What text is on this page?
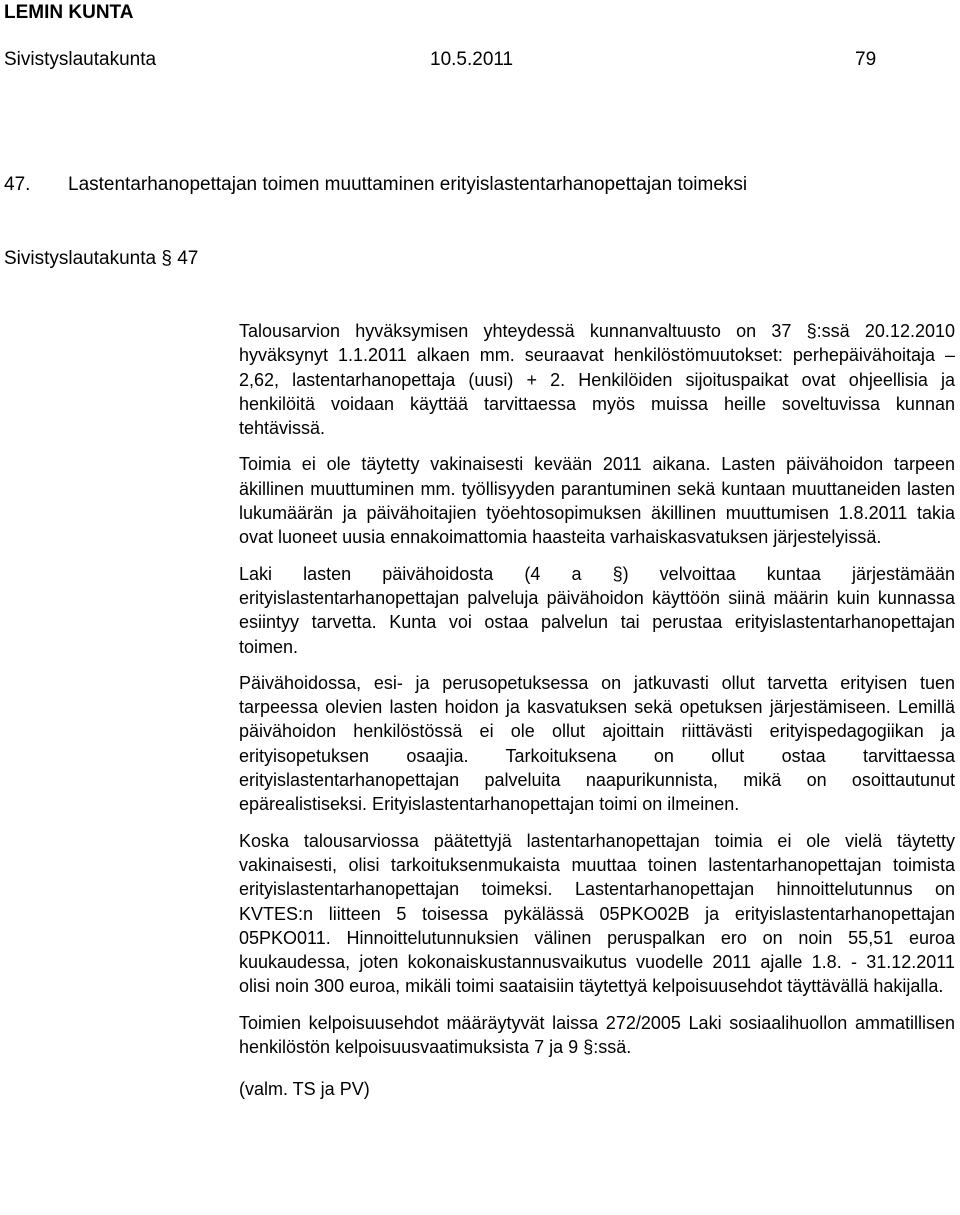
LEMIN KUNTA
Sivistyslautakunta	10.5.2011	79
47. Lastentarhanopettajan toimen muuttaminen erityislastentarhanopettajan toimeksi
Sivistyslautakunta § 47

Talousarvion hyväksymisen yhteydessä kunnanvaltuusto on 37 §:ssä 20.12.2010 hyväksynyt 1.1.2011 alkaen mm. seuraavat henkilöstömuutokset: perhepäivähoitaja – 2,62, lastentarhanopettaja (uusi) + 2. Henkilöiden sijoituspaikat ovat ohjeellisia ja henkilöitä voidaan käyttää tarvittaessa myös muissa heille soveltuvissa kunnan tehtävissä.

Toimia ei ole täytetty vakinaisesti kevään 2011 aikana. Lasten päivähoidon tarpeen äkillinen muuttuminen mm. työllisyyden parantuminen sekä kuntaan muuttaneiden lasten lukumäärän ja päivähoitajien työehtosopimuksen äkillinen muuttumisen 1.8.2011 takia ovat luoneet uusia ennakoimattomia haasteita varhaiskasvatuksen järjestelyissä.

Laki lasten päivähoidosta (4 a §) velvoittaa kuntaa järjestämään erityislastentarhanopettajan palveluja päivähoidon käyttöön siinä määrin kuin kunnassa esiintyy tarvetta. Kunta voi ostaa palvelun tai perustaa erityislastentarhanopettajan toimen.

Päivähoidossa, esi- ja perusopetuksessa on jatkuvasti ollut tarvetta erityisen tuen tarpeessa olevien lasten hoidon ja kasvatuksen sekä opetuksen järjestämiseen. Lemillä päivähoidon henkilöstössä ei ole ollut ajoittain riittävästi erityispedagogiikan ja erityisopetuksen osaajia. Tarkoituksena on ollut ostaa tarvittaessa erityislastentarhanopettajan palveluita naapurikunnista, mikä on osoittautunut epärealistiseksi. Erityislastentarhanopettajan toimi on ilmeinen.

Koska talousarviossa päätettyjä lastentarhanopettajan toimia ei ole vielä täytetty vakinaisesti, olisi tarkoituksenmukaista muuttaa toinen lastentarhanopettajan toimista erityislastentarhanopettajan toimeksi. Lastentarhanopettajan hinnoittelutunnus on KVTES:n liitteen 5 toisessa pykälässä 05PKO02B ja erityislastentarhanopettajan 05PKO011. Hinnoittelutunnuksien välinen peruspalkan ero on noin 55,51 euroa kuukaudessa, joten kokonaiskustannusvaikutus vuodelle 2011 ajalle 1.8. - 31.12.2011 olisi noin 300 euroa, mikäli toimi saataisiin täytettyä kelpoisuusehdot täyttävällä hakijalla.

Toimien kelpoisuusehdot määräytyvät laissa 272/2005 Laki sosiaalihuollon ammatillisen henkilöstön kelpoisuusvaatimuksista 7 ja 9 §:ssä.

(valm. TS ja PV)
